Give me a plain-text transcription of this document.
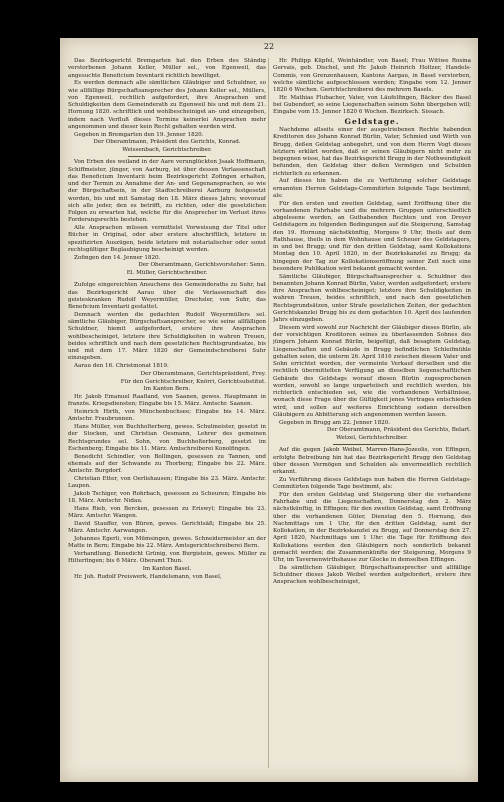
22
Das Bezirksgericht Bremgarten hat den Erben des Ständig verstorbenen Johann Keller, Müller sel., von Egenweil, das angesuchte Beneficium Inventarii richtlich bewilliget.
Es werden demnach alle sämtlichen Gläubiger und Schuldner, so wie allfällige Bürgschaftsansprecher des Johann Keller sel., Müllers, von Egenweil, rechtlich aufgefordert, ihre Ansprachen und Schuldigkeiten dem Gemeinderath zu Egenweil bis und mit dem 21. Hornung 1820. schriftlich und wohlbescheiniget an- und einzugeben, indem nach Verfluß dieses Termins keinerlei Ansprachen mehr angenommen und dieser kein Recht gehalten werden wird.
Gegeben in Bremgarten den 19. Jenner 1820.
Der Oberamtmann, Präsident des Gerichts, Konrad.
Weissenbach, Gerichtschreiber.
Von Erben des weiland in der Aare verunglückten Jsaak Hoffmann, Schiffmeister, jünger, von Aarburg, ist über dessen Verlassenschaft das Beneficium Inventarii beim Bezirksgericht Zofingen erhalten, und der Termin zu Annahme der An- und Gegenansprachen, so wie der Bürgschaftsein, in der Stadtschreiberei Aarburg festgesetzt worden, bis und mit Samstag den 18. März dieses Jahrs; wovorauf sich alle jeder, den es betrifft, zu richten, oder die gesetzlichen Folgen zu erwarten hat, welche für die Ansprecher im Verlust ihres Forderungsrechts bestehen.
Alle Ansprachen müssen vermittelst Vorweisung der Titel oder Bücher in Original, oder aber erstere abschriftlich, letztere in spezifizirten Auszügen, beide letztere mit notarialischer oder sonst rechtsgültiger Beglaubigung bescheinigt werden.
Zofingen den 14. Jenner 1820.
Der Oberamtmann, Gerichtsvorsteher: Senn.
El. Müller, Gerichtschreiber.
Zufolge eingereichten Ansuchens des Gemeinderaths zu Suhr, hat das Bezirksgericht Aarau über die Verlassenschaft des geisteskranken Rudolf Weyermüller, Drechsler, von Suhr, das Beneficium Inventarii gestattet.
Demnach werden die gedachten Rudolf Weyermüllers sel. sämtliche Gläubiger, Bürgschaftsansprecher, so wie seine allfälligen Schuldner, hiemit aufgefordert, erstere ihre Ansprachen wohlbescheiniget, letztere ihre Schuldigkeiten in wahren Treuen, beides schriftlich und nach dem gesetzlichen Rechtsgrundsatze, bis und mit dem 17. März 1820 der Gemeindschreiberei Suhr einzugeben.
Aarau den 16. Christmonat 1819.
Der Oberamtmann, Gerichtspräsident, Frey.
Für den Gerichtschreiber, Knörri, Gerichtsubstitut.
Im Kanton Bern.
Hr. Jakob Emanuel Raafland, von Saanen, gewes. Hauptmann in französ. Kriegsdiensten; Eingabe bis 15. März. Amtschr. Saanen.
Heinrich Hirth, von Münchenbuchsee; Eingabe bis 14. März. Amtschr. Fraubrunnen.
Hans Müller, von Buchholterberg, gewes. Schulmeister, gesetzt in der Stocken, und Christian Oesmann, Lehrer des gemeinen Rechtsgrundes sel. Sohn, von Buchholterberg, gesetzt im Eschenberg; Eingabe bis 11. März. Amtschreiberei Konolfingen.
Benedicht Schindler, von Bollingen, gesessen zu Tannen, und ehemals auf der Schwande zu Thorberg; Eingabe bis 22. März. Amtschr. Burgdorf.
Christian Etter, von Oerlishausen; Eingabe bis 23. März. Amtschr. Laupen.
Jakob Tschiger, von Rohrbach, gesessen zu Scheuren; Eingabe bis 18. März. Amtschr. Nidau.
Hans Rieb, von Bercken, gesessen zu Eriswyl; Eingabe bis 23. März. Amtschr. Wangen.
David Stauffer, von Büren, gewes. Gerichtsäß; Eingabe bis 25. März. Amtschr. Aarwangen.
Johannes Egerli, von Mümsingen, gewes. Schneidermeister an der Matte in Bern; Eingabe bis 22. März. Amtsgerichtschreiberei Bern.
Verhandlung. Benedicht Grünig, von Burgistein, gewes. Müller zu Hilterfingen; bis 6 März. Oberamt Thun.
Im Kanton Basel.
Hr. Joh. Rudolf Preiswerk, Handelsmann, von Basel,
Hr. Philipp Klipfel, Weinhändler, von Basel; Frau Wittwe Rosina Gervais, geb. Dischel, und Hr. Jakob Heinrich Holtzer, Handels-Commis, von Grenzenhausen, Kantons Aargau, in Basel verstorben, welche sämtliche aufgeschlossen werden; Eingabe vom 12. Jenner 1820 6 Wochen. Gerichtschreiberei des mehrern Basels.
Hr. Mathias Flubacher, Vater, von Läufelfingen, Bäcker des Basel bei Gubendorf, so seine Liegenschaften seinem Sohn übergeben will; Eingabe vom 15. Jenner 1820 6 Wochen. Bezirksch. Sissach.
Geldstage.
Nachdeme allseits einer der ausgetriebenen Rechte habenden Kreditoren des Johann Konrad Bürlin, Vater, Schmied und Wirth von Brugg, deßen Geldstag anbegehrt, und von dem Herrn Vogt dieses letztern erklärt worden, daß er seinen Gläubigern nicht mehr zu begegnen wisse, hat das Bezirksgericht Brugg in der Nothwendigkeit befunden, den Geldstag über deßen Vermögen und Schulden richterlich zu erkennen.
Auf dieses hin haben die zu Verführung solcher Geldstage ernannten Herren Geldstags-Commitirten folgende Tage bestimmt, als:
Für den ersten und zweiten Geldstag, samt Eröffnung über die vorhandenen Fahrhabe und die mehrern Gruppen unterschiedlich abgelesene werden, an Guthabenden Rechten und von Dreyer Geldstagern zu folgenden Bedingungen auf die Steigerung, Samstag den 19. Hornung nächstkünftig, Morgens 9 Uhr, theils auf dem Rathhause, theils in dem Wohnhause und Scheuer des Geldstagers, in und bei Brugg; und für den dritten Geldstag, samt Kollokations Montag den 10. April 1820, in der Bezirkskanzlei zu Brugg; da hingegen der Tag zur Kollokationseröffnung seiner Zeit noch eine besondere Publikation wird bekannt gemacht werden.
Sämtliche Gläubiger, Bürgschaftsansprecher u. Schuldner des benannten Johann Konrad Bürlin, Vater, werden aufgefordert; erstere ihre Ansprachen wohlbescheiniget; letztere ihre Schuldigkeiten in wahren Treuen, beides schriftlich, und nach den gesetzlichen Rechtsgrundsätzen, unter Strafe gesetzlichen Zeiten, der gedachten Gerichtskanzlei Brugg bis zu dem gedachten 10. April des laufenden Jahrs einzugeben.
Diesem wird sowohl zur Nachricht der Gläubiger dieses Bürlin, als der vorsichtigen Kreditoren seines zu überlassenden Sohnes des jüngern Johann Konrad Bürlin, beigefügt, daß besagtem Geldstag, Liegenschaften und Gebäude in Brugg befindlichen Schleifmühle gehalten seien, die unterm 26. April 1816 zwischen diesem Vater und Sohn errichtet worden, der vermeinte Verkauf derselben und die rechtlich übermittelten Verfügung an dieselben liegenschaftlichen Gebäude des Geldstags worauf diesen Bürlin zugesprochenen worden, sowohl so lange unparteiisch und rechtlich werden, bis richterlich entschieden sei, wie die vorhandenen Verhältnisse, wonach diese Frage über die Gültigkeit jenes Vertrages entschieden wird, und sollen auf weiteres Einrichtung sodann derselben Gläubigern zu Abbitterung sich angenommen werden lassen.
Gegeben in Brugg am 22. Jenner 1820.
Der Oberamtmann, Präsident des Gerichts, Belart.
Wetzel, Gerichtschreiber.
Auf die gegen Jakob Weibel, Marren-Hans-Jozeolis, von Effingen, erfolgte Betreibung hin hat das Bezirksgericht Brugg den Geldstag über dessen Vermögen und Schulden als unvermeidlich rechtlich erkannt.
Zu Verführung dieses Geldstags nun haben die Herren Geldstags-Commitirten folgende Tage bestimmt, als:
Für den ersten Geldstag und Steigerung über die vorhandene Fahrhabe und die Liegenschaften, Donnerstag den 2. März nächstkünftig, in Effingen; für den zweiten Geldstag, samt Eröffnung über die vorhandenen Güter, Dienstag den 5. Hornung, des Nachmittags um 1 Uhr, für den dritten Geldstag, samt der Kollokation, in der Bezirkskanzlei zu Brugg, auf Donnerstag den 27. April 1820, Nachmittags um 1 Uhr: die Tage für Eröffnung des Kollokations werden den Gläubigern noch sonderlich bekannt gemacht werden; die Zusammenkünfte der Steigerung, Morgens 9 Uhr, im Tavernenwirthshause zur Glocke in demselben Effingen.
Da sämtlichen Gläubiger, Bürgschaftsansprecher und allfällige Schuldner dieses Jakob Weibel werden aufgefordert, erstere ihre Ansprachen wohlbescheiniget,
